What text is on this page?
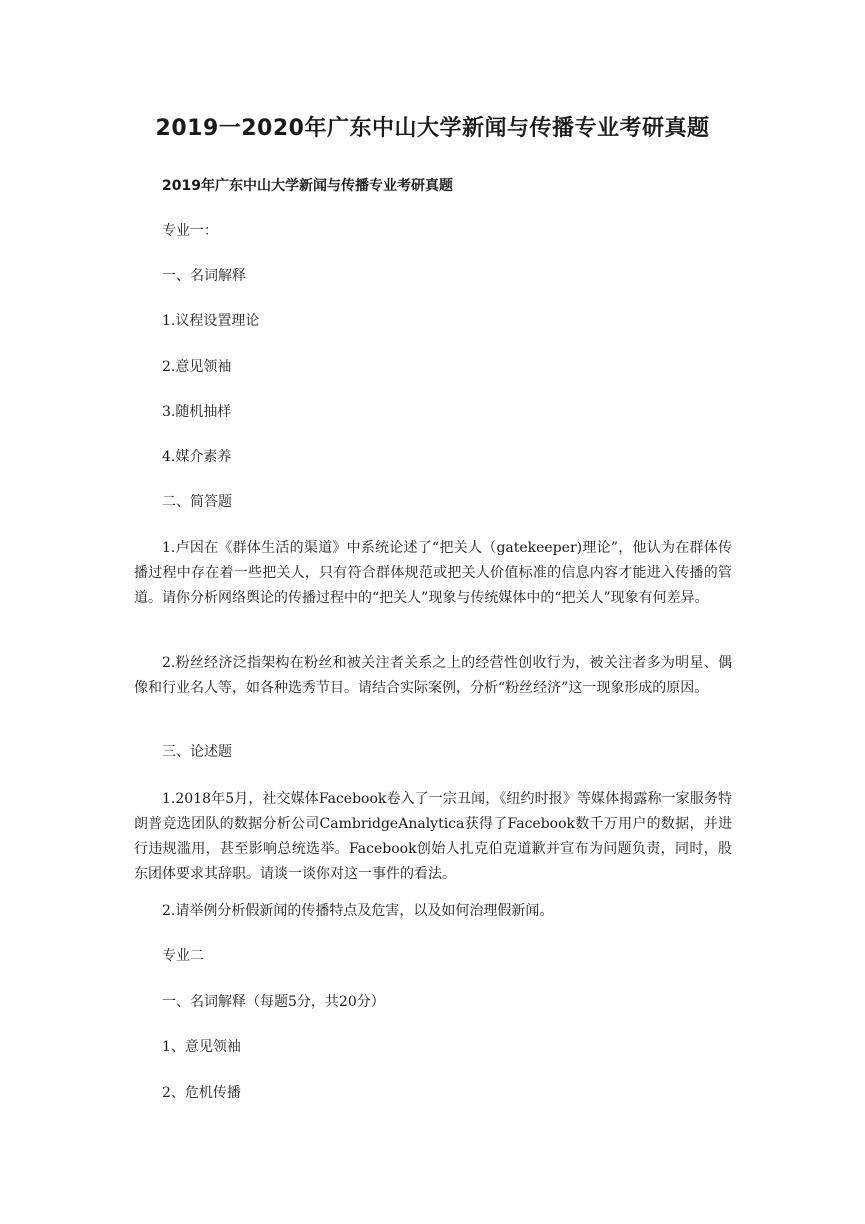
2019一2020年广东中山大学新闻与传播专业考研真题
2019年广东中山大学新闻与传播专业考研真题

专业一：

一、名词解释

1.议程设置理论

2.意见领袖

3.随机抽样

4.媒介素养

二、简答题

1.卢因在《群体生活的渠道》中系统论述了“把关人（gatekeeper)理论”，他认为在群体传播过程中存在着一些把关人，只有符合群体规范或把关人价值标准的信息内容才能进入传播的管道。请你分析网络舆论的传播过程中的“把关人”现象与传统媒体中的“把关人”现象有何差异。

2.粉丝经济泛指架构在粉丝和被关注者关系之上的经营性创收行为，被关注者多为明星、偶像和行业名人等，如各种选秀节目。请结合实际案例，分析“粉丝经济”这一现象形成的原因。

三、论述题

1.2018年5月，社交媒体Facebook卷入了一宗丑闻，《纽约时报》等媒体揭露称一家服务特朗普竞选团队的数据分析公司CambridgeAnalytica获得了Facebook数千万用户的数据，并进行违规滥用，甚至影响总统选举。Facebook创始人扎克伯克道歉并宣布为问题负责，同时，股东团体要求其辞职。请谈一谈你对这一事件的看法。

2.请举例分析假新闻的传播特点及危害，以及如何治理假新闻。

专业二

一、名词解释（每题5分，共20分）

1、意见领袖

2、危机传播
